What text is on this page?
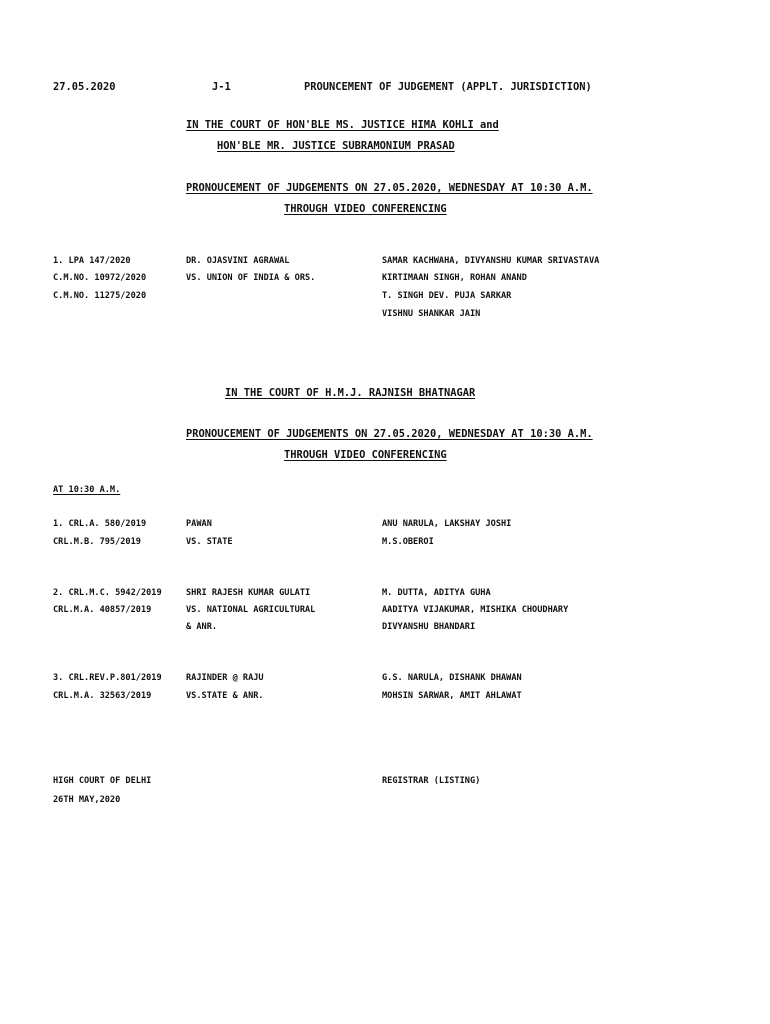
27.05.2020	J-1	PROUNCEMENT OF JUDGEMENT (APPLT. JURISDICTION)
IN THE COURT OF HON'BLE MS. JUSTICE HIMA KOHLI and
HON'BLE MR. JUSTICE SUBRAMONIUM PRASAD
PRONOUCEMENT OF JUDGEMENTS ON 27.05.2020, WEDNESDAY AT 10:30 A.M.
THROUGH VIDEO CONFERENCING
1. LPA 147/2020
C.M.NO. 10972/2020
C.M.NO. 11275/2020
DR. OJASVINI AGRAWAL
VS. UNION OF INDIA & ORS.
SAMAR KACHWAHA, DIVYANSHU KUMAR SRIVASTAVA
KIRTIMAAN SINGH, ROHAN ANAND
T. SINGH DEV. PUJA SARKAR
VISHNU SHANKAR JAIN
IN THE COURT OF H.M.J. RAJNISH BHATNAGAR
PRONOUCEMENT OF JUDGEMENTS ON 27.05.2020, WEDNESDAY AT 10:30 A.M.
THROUGH VIDEO CONFERENCING
AT 10:30 A.M.
1. CRL.A. 580/2019
CRL.M.B. 795/2019
PAWAN
VS. STATE
ANU NARULA, LAKSHAY JOSHI
M.S.OBEROI
2. CRL.M.C. 5942/2019
CRL.M.A. 40857/2019
SHRI RAJESH KUMAR GULATI
VS. NATIONAL AGRICULTURAL
& ANR.
M. DUTTA, ADITYA GUHA
AADITYA VIJAKUMAR, MISHIKA CHOUDHARY
DIVYANSHU BHANDARI
3. CRL.REV.P.801/2019
CRL.M.A. 32563/2019
RAJINDER @ RAJU
VS.STATE & ANR.
G.S. NARULA, DISHANK DHAWAN
MOHSIN SARWAR, AMIT AHLAWAT
HIGH COURT OF DELHI
26TH MAY,2020
REGISTRAR (LISTING)
